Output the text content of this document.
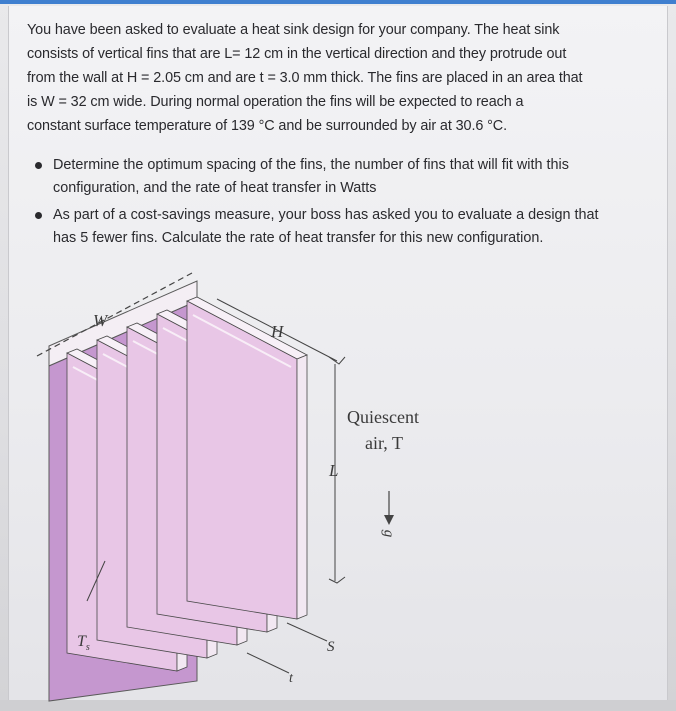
You have been asked to evaluate a heat sink design for your company. The heat sink
consists of vertical fins that are L= 12 cm in the vertical direction and they protrude out
from the wall at H = 2.05 cm and are t = 3.0 mm thick. The fins are placed in an area that
is W = 32 cm wide. During normal operation the fins will be expected to reach a
constant surface temperature of 139 °C and be surrounded by air at 30.6 °C.
Determine the optimum spacing of the fins, the number of fins that will fit with this
configuration, and the rate of heat transfer in Watts
As part of a cost-savings measure, your boss has asked you to evaluate a design that
has 5 fewer fins. Calculate the rate of heat transfer for this new configuration.
W
H
L
Quiescent
air, T
g
$T_s$	S
t
